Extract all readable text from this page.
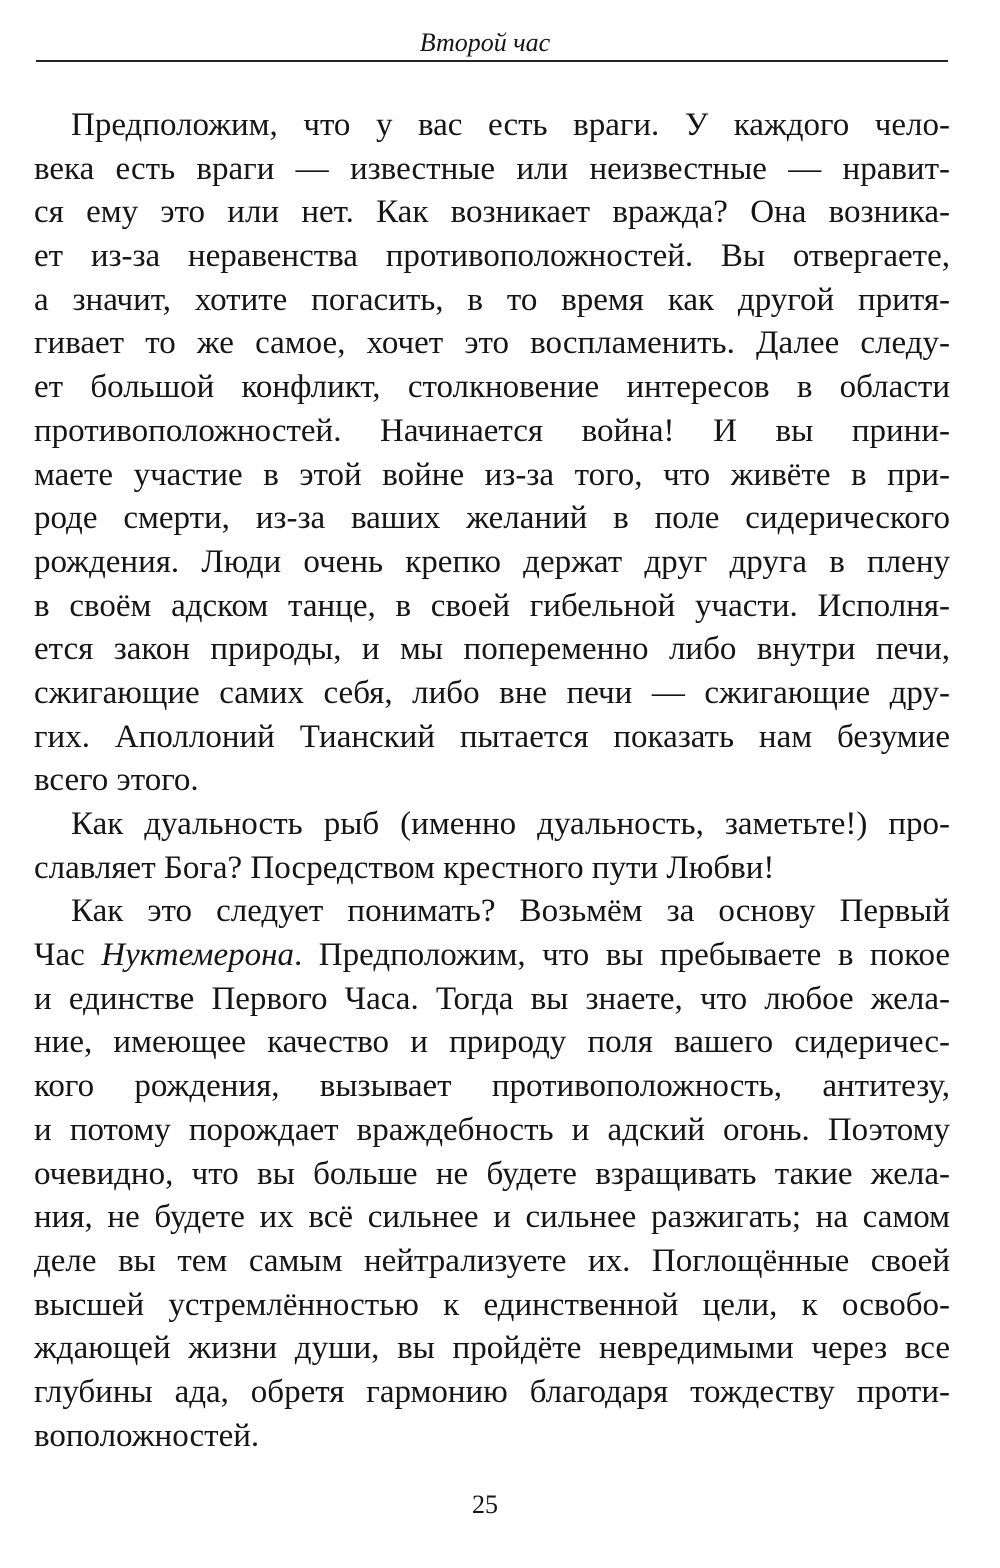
Второй час
Предположим, что у вас есть враги. У каждого чело-
века есть враги — известные или неизвестные — нравит-
ся ему это или нет. Как возникает вражда? Она возника-
ет из-за неравенства противоположностей. Вы отвергаете,
а значит, хотите погасить, в то время как другой притя-
гивает то же самое, хочет это воспламенить. Далее следу-
ет большой конфликт, столкновение интересов в области
противоположностей. Начинается война! И вы прини-
маете участие в этой войне из-за того, что живёте в при-
роде смерти, из-за ваших желаний в поле сидерического
рождения. Люди очень крепко держат друг друга в плену
в своём адском танце, в своей гибельной участи. Исполня-
ется закон природы, и мы попеременно либо внутри печи,
сжигающие самих себя, либо вне печи — сжигающие дру-
гих. Аполлоний Тианский пытается показать нам безумие
всего этого.
Как дуальность рыб (именно дуальность, заметьте!) про-
славляет Бога? Посредством крестного пути Любви!
Как это следует понимать? Возьмём за основу Первый
Час Нуктемерона. Предположим, что вы пребываете в покое
и единстве Первого Часа. Тогда вы знаете, что любое жела-
ние, имеющее качество и природу поля вашего сидеричес-
кого рождения, вызывает противоположность, антитезу,
и потому порождает враждебность и адский огонь. Поэтому
очевидно, что вы больше не будете взращивать такие жела-
ния, не будете их всё сильнее и сильнее разжигать; на самом
деле вы тем самым нейтрализуете их. Поглощённые своей
высшей устремлённостью к единственной цели, к освобо-
ждающей жизни души, вы пройдёте невредимыми через все
глубины ада, обретя гармонию благодаря тождеству проти-
воположностей.
25
